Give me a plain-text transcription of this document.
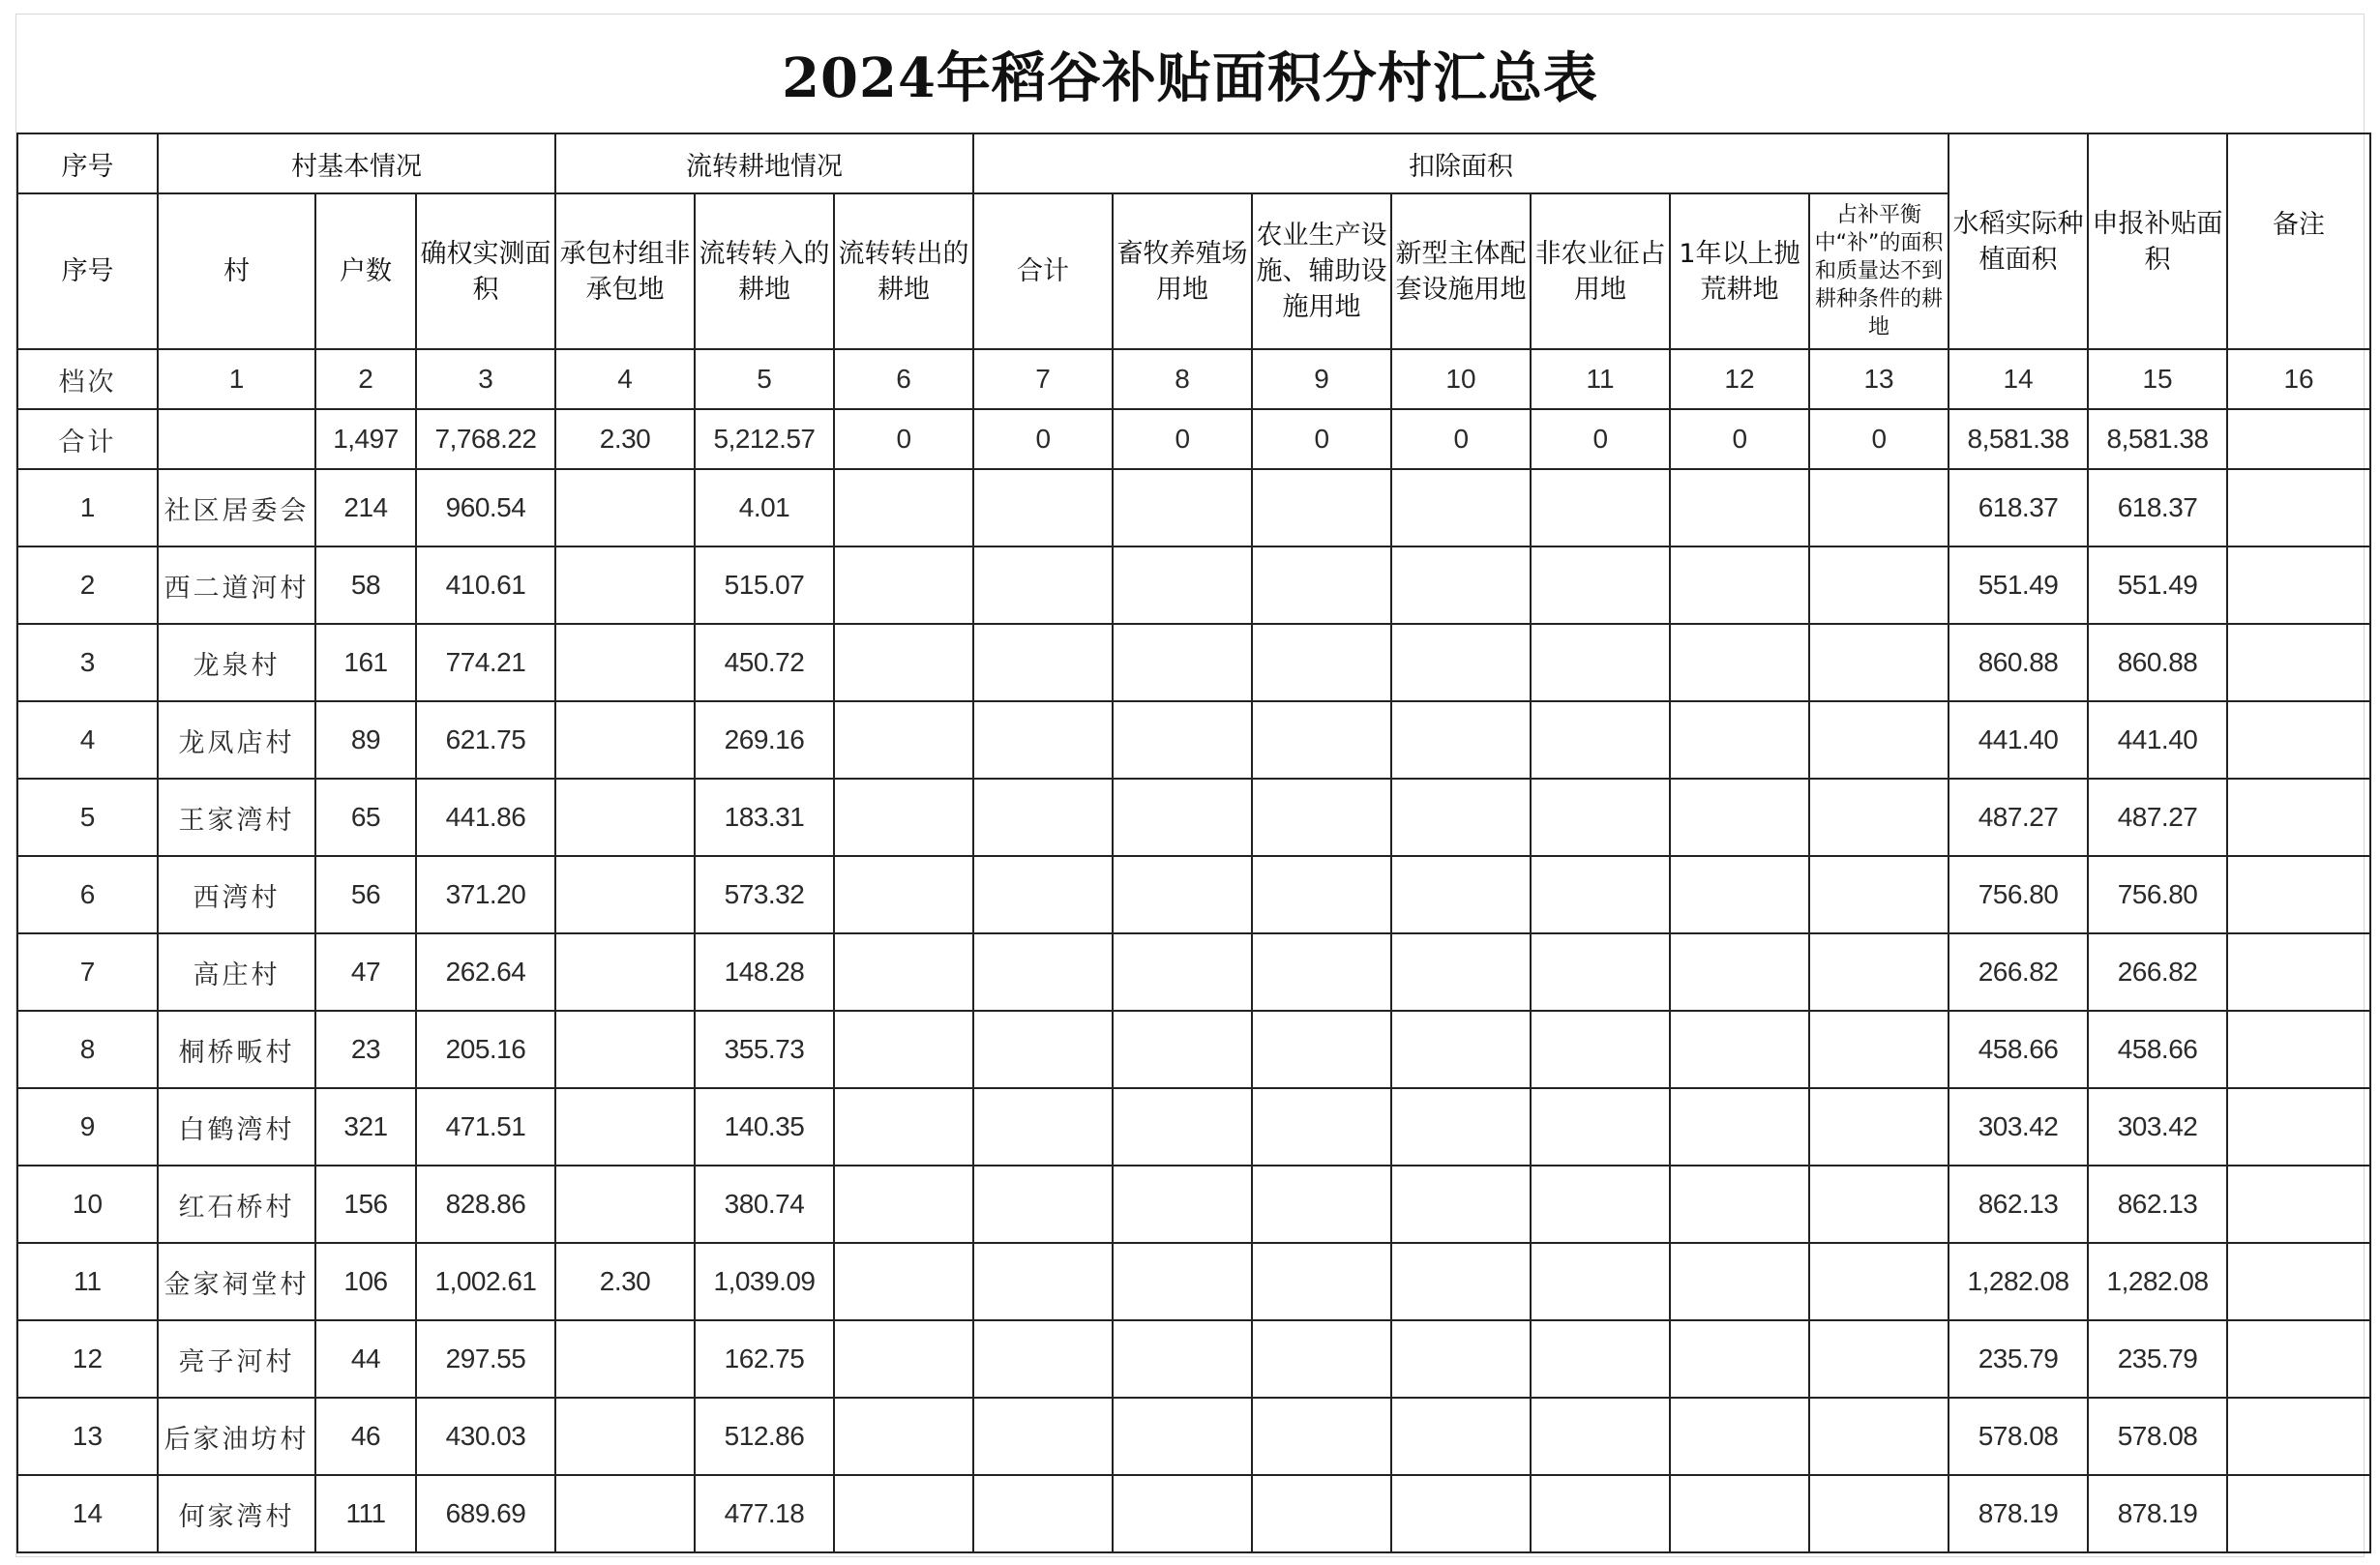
2024年稻谷补贴面积分村汇总表
序号	村基本情况			流转耕地情况			扣除面积							水稻实际种植面积	申报补贴面积	备注
序号	村	户数	确权实测面积	承包村组非承包地	流转转入的耕地	流转转出的耕地	合计	畜牧养殖场用地	农业生产设施、辅助设施用地	新型主体配套设施用地	非农业征占用地	1年以上抛荒耕地	占补平衡中“补”的面积和质量达不到耕种条件的耕地			
档次	1	2	3	4	5	6	7	8	9	10	11	12	13	14	15	16
合计		1,497	7,768.22	2.30	5,212.57	0	0	0	0	0	0	0	0	8,581.38	8,581.38	
1	社区居委会	214	960.54		4.01									618.37	618.37	
2	西二道河村	58	410.61		515.07									551.49	551.49	
3	龙泉村	161	774.21		450.72									860.88	860.88	
4	龙凤店村	89	621.75		269.16									441.40	441.40	
5	王家湾村	65	441.86		183.31									487.27	487.27	
6	西湾村	56	371.20		573.32									756.80	756.80	
7	高庄村	47	262.64		148.28									266.82	266.82	
8	桐桥畈村	23	205.16		355.73									458.66	458.66	
9	白鹤湾村	321	471.51		140.35									303.42	303.42	
10	红石桥村	156	828.86		380.74									862.13	862.13	
11	金家祠堂村	106	1,002.61	2.30	1,039.09									1,282.08	1,282.08	
12	亮子河村	44	297.55		162.75									235.79	235.79	
13	后家油坊村	46	430.03		512.86									578.08	578.08	
14	何家湾村	111	689.69		477.18									878.19	878.19	
